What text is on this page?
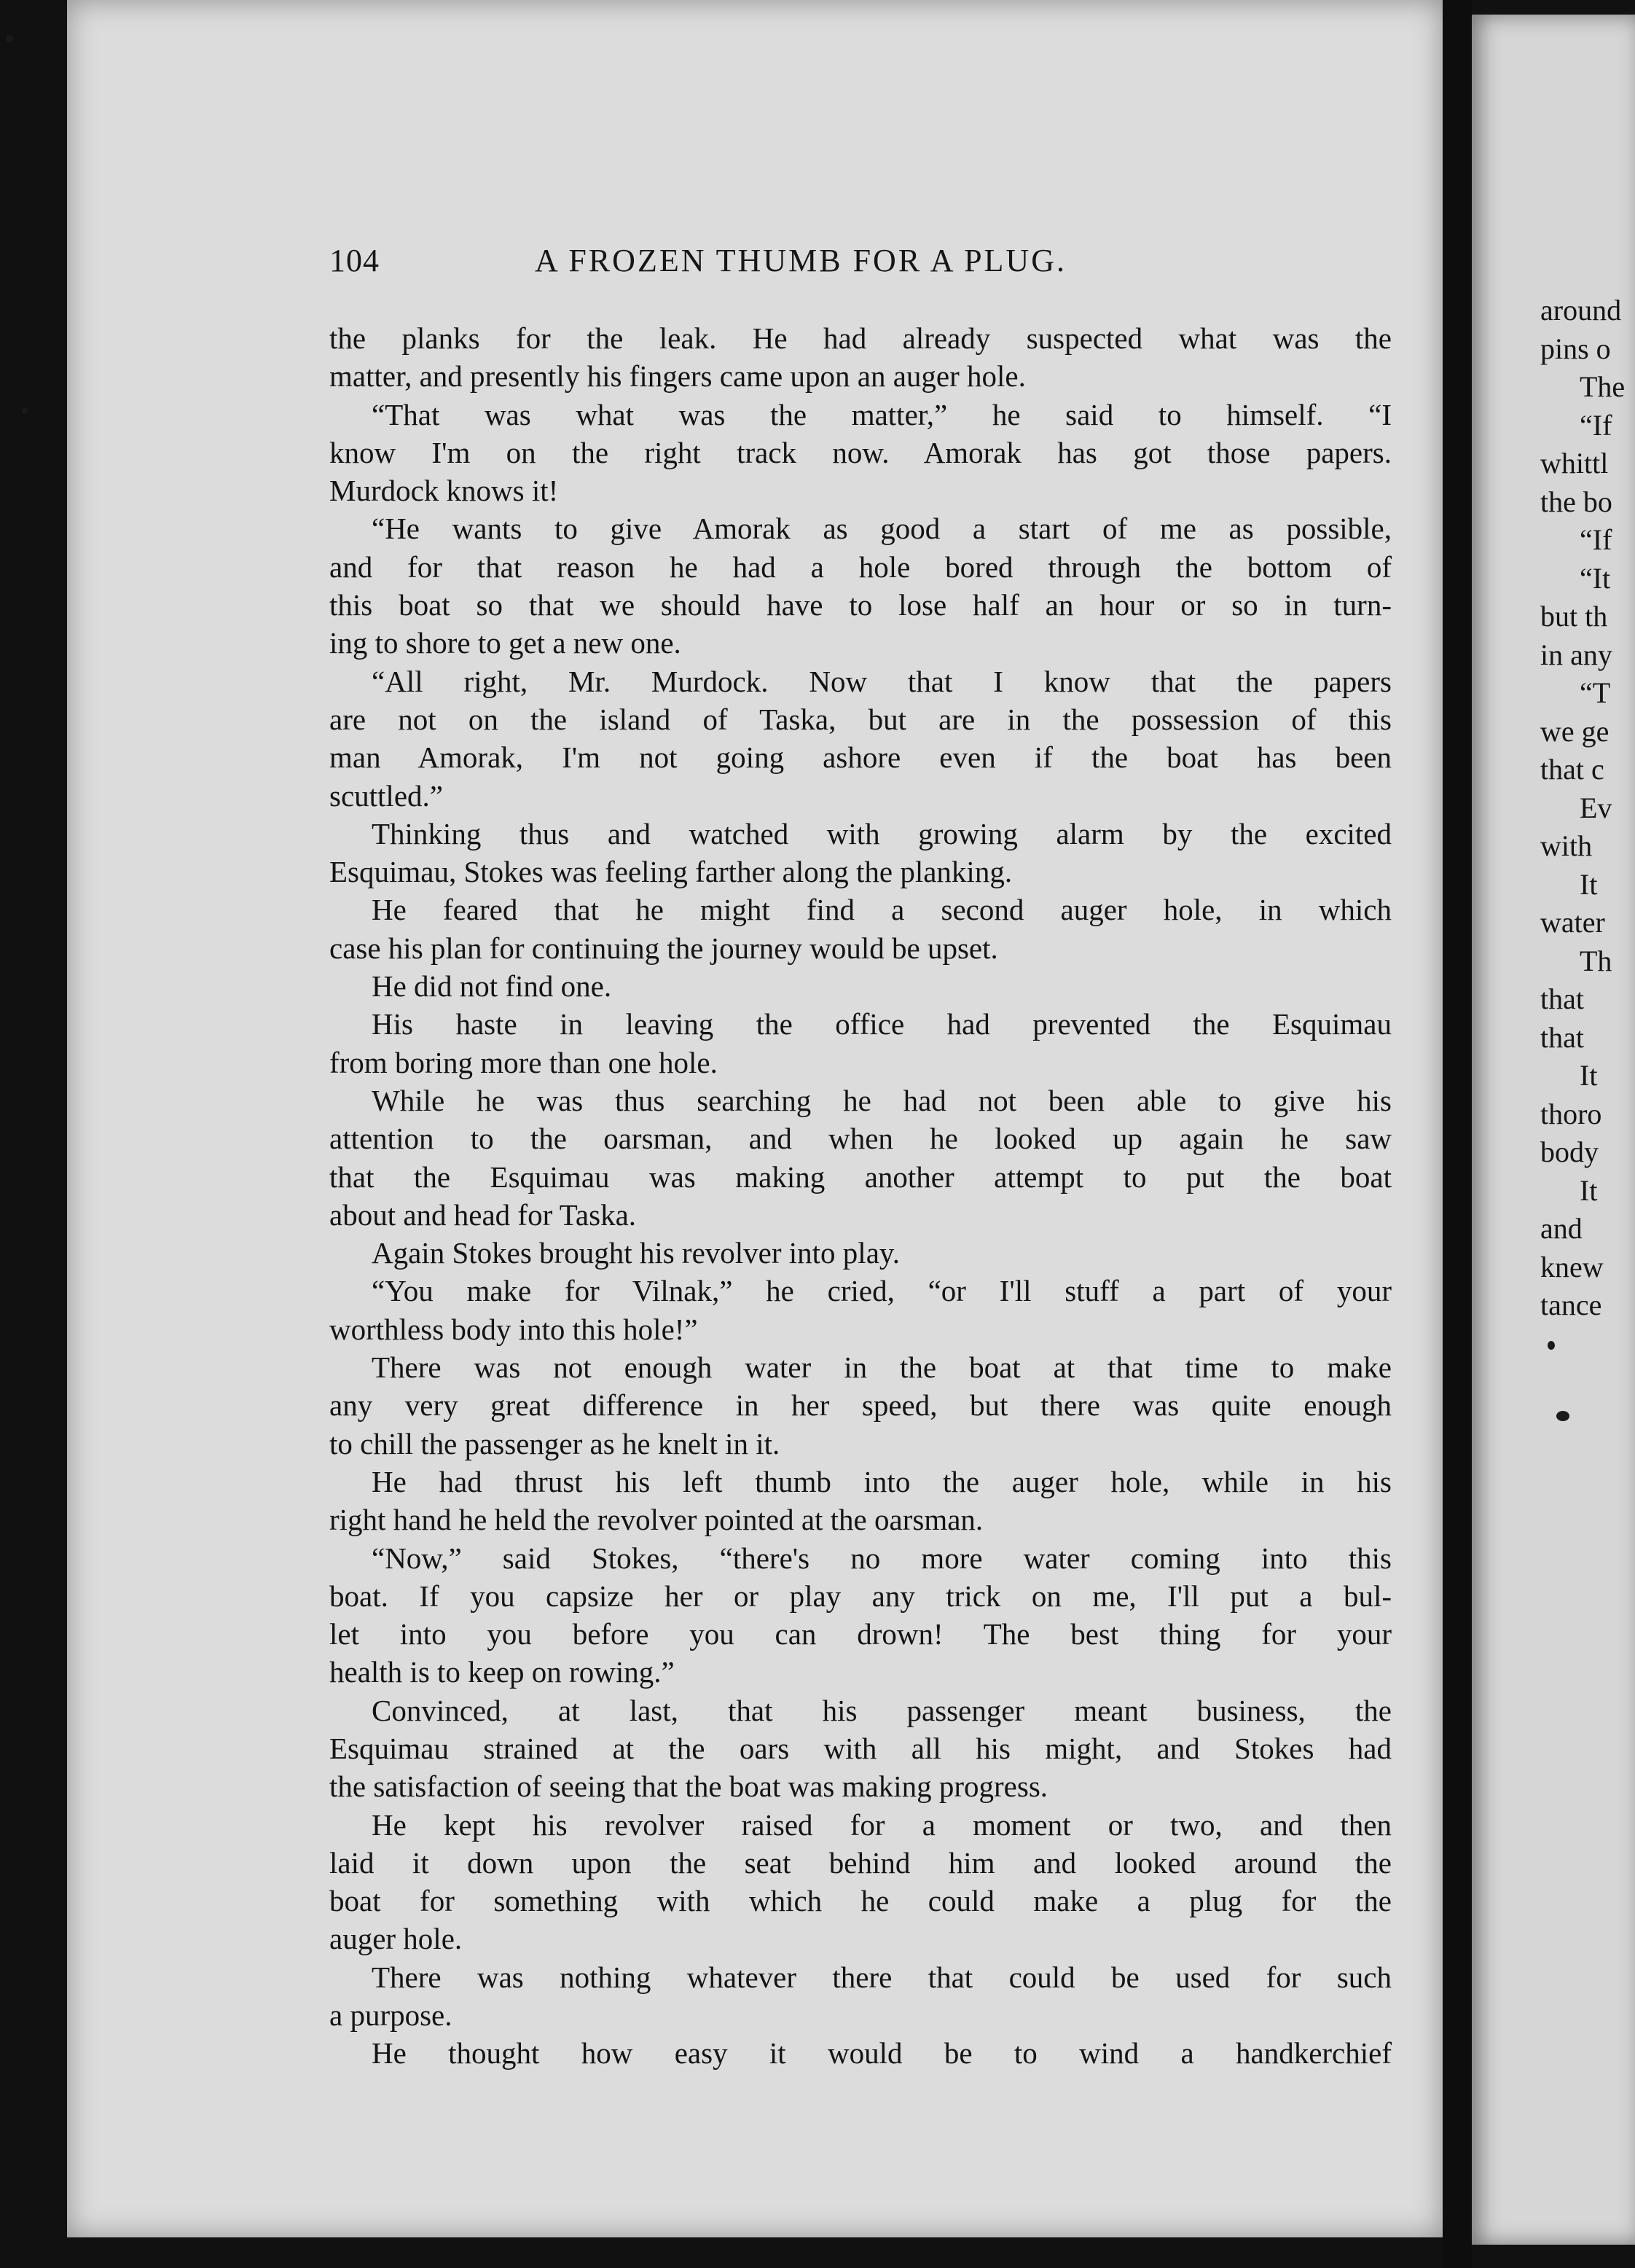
104	A FROZEN THUMB FOR A PLUG.

the planks for the leak. He had already suspected what was the

matter, and presently his fingers came upon an auger hole.

“That was what was the matter,” he said to himself. “I

know I'm on the right track now. Amorak has got those papers.

Murdock knows it!

“He wants to give Amorak as good a start of me as possible,

and for that reason he had a hole bored through the bottom of

this boat so that we should have to lose half an hour or so in turn-

ing to shore to get a new one.

“All right, Mr. Murdock. Now that I know that the papers

are not on the island of Taska, but are in the possession of this

man Amorak, I'm not going ashore even if the boat has been

scuttled.”

Thinking thus and watched with growing alarm by the excited

Esquimau, Stokes was feeling farther along the planking.

He feared that he might find a second auger hole, in which

case his plan for continuing the journey would be upset.

He did not find one.

His haste in leaving the office had prevented the Esquimau

from boring more than one hole.

While he was thus searching he had not been able to give his

attention to the oarsman, and when he looked up again he saw

that the Esquimau was making another attempt to put the boat

about and head for Taska.

Again Stokes brought his revolver into play.

“You make for Vilnak,” he cried, “or I'll stuff a part of your

worthless body into this hole!”

There was not enough water in the boat at that time to make

any very great difference in her speed, but there was quite enough

to chill the passenger as he knelt in it.

He had thrust his left thumb into the auger hole, while in his

right hand he held the revolver pointed at the oarsman.

“Now,” said Stokes, “there's no more water coming into this

boat. If you capsize her or play any trick on me, I'll put a bul-

let into you before you can drown! The best thing for your

health is to keep on rowing.”

Convinced, at last, that his passenger meant business, the

Esquimau strained at the oars with all his might, and Stokes had

the satisfaction of seeing that the boat was making progress.

He kept his revolver raised for a moment or two, and then

laid it down upon the seat behind him and looked around the

boat for something with which he could make a plug for the

auger hole.

There was nothing whatever there that could be used for such

a purpose.

He thought how easy it would be to wind a handkerchief

around
pins o
The
“If
whittl
the bo
“If
“It
but th
in any
“T
we ge
that c
Ev
with
It
water
Th
that
that
It
thoro
body
It
and
knew
tance
